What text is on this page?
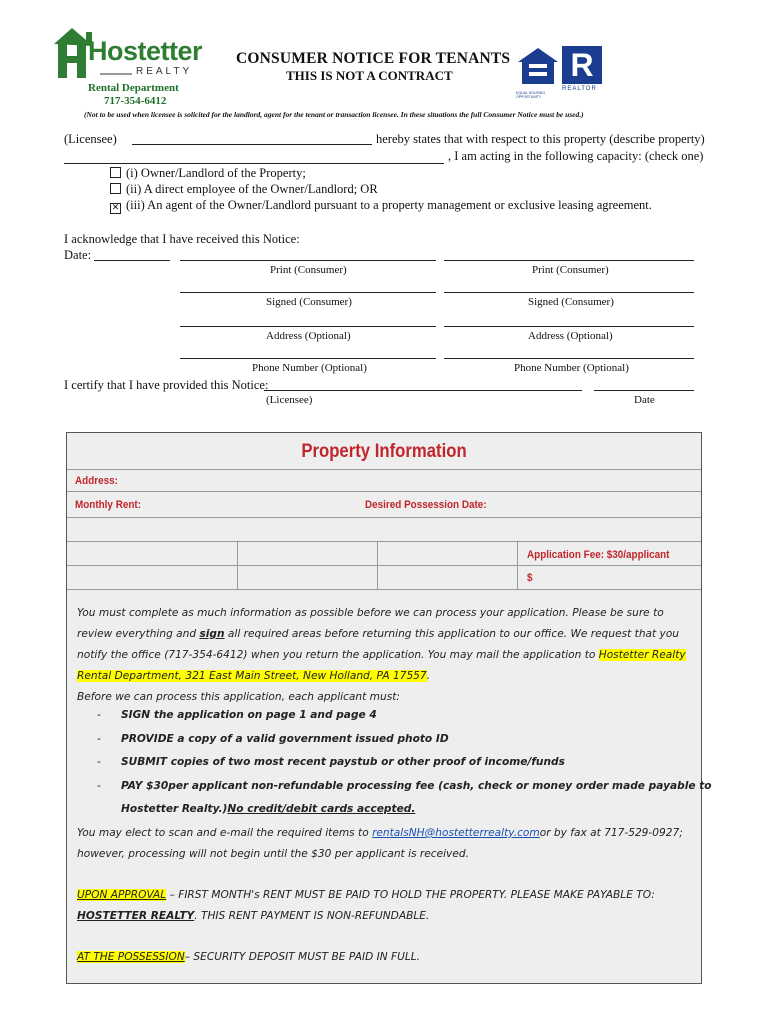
Hostetter
REALTY
Rental Department
717-354-6412
CONSUMER NOTICE FOR TENANTS
THIS IS NOT A CONTRACT
EQUAL HOUSING OPPORTUNITY
R
REALTOR
(Not to be used when licensee is solicited for the landlord, agent for the tenant or transaction licensee. In these situations the full Consumer Notice must be used.)
(Licensee)	hereby states that with respect to this property (describe property)
, I am acting in the following capacity: (check one)
(i) Owner/Landlord of the Property;
(ii) A direct employee of the Owner/Landlord; OR
✕ (iii) An agent of the Owner/Landlord pursuant to a property management or exclusive leasing agreement.
I acknowledge that I have received this Notice:
Date:
Print (Consumer)	Print (Consumer)
Signed (Consumer)	Signed (Consumer)
Address (Optional)	Address (Optional)
Phone Number (Optional)	Phone Number (Optional)
I certify that I have provided this Notice:
(Licensee)	Date
Property Information
Address:
Monthly Rent:	Desired Possession Date:
Application Fee: $30/applicant
$
You must complete as much information as possible before we can process your application. Please be sure to review everything and sign all required areas before returning this application to our office. We request that you notify the office (717-354-6412) when you return the application. You may mail the application to Hostetter Realty Rental Department, 321 East Main Street, New Holland, PA 17557.
Before we can process this application, each applicant must:
- SIGN the application on page 1 and page 4
- PROVIDE a copy of a valid government issued photo ID
- SUBMIT copies of two most recent paystub or other proof of income/funds
- PAY $30per applicant non-refundable processing fee (cash, check or money order made payable to
Hostetter Realty.)No credit/debit cards accepted.
You may elect to scan and e-mail the required items to rentalsNH@hostetterrealty.comor by fax at 717-529-0927; however, processing will not begin until the $30 per applicant is received.
UPON APPROVAL – FIRST MONTH's RENT MUST BE PAID TO HOLD THE PROPERTY. PLEASE MAKE PAYABLE TO: HOSTETTER REALTY. THIS RENT PAYMENT IS NON-REFUNDABLE.
AT THE POSSESSION– SECURITY DEPOSIT MUST BE PAID IN FULL.
